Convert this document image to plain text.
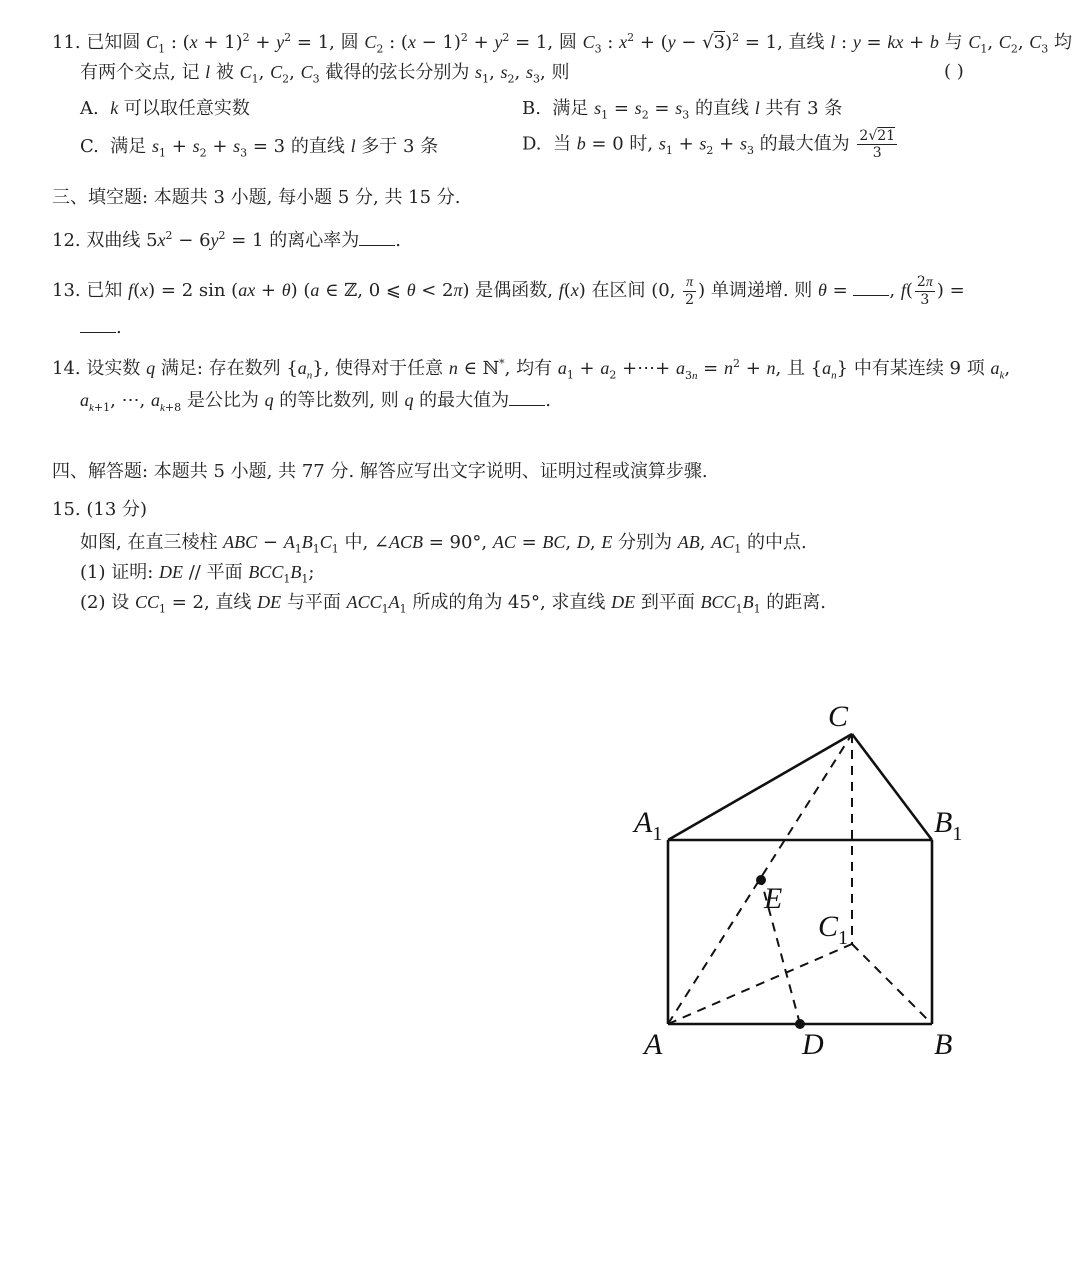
11. 已知圆 $C_1$ : $(x + 1)^2 + y^2 = 1$, 圆 $C_2$ : $(x - 1)^2 + y^2 = 1$, 圆 $C_3$ : $x^2 + (y - √3)^2 = 1$, 直线 l : y = kx + b 与 $C_1$, $C_2$, $C_3$ 均
有两个交点, 记 l 被 $C_1$, $C_2$, $C_3$ 截得的弦长分别为 $s_1$, $s_2$, $s_3$, 则	( )
A. k 可以取任意实数	B.  满足 $s_1 = s_2 = s_3$ 的直线 l 共有 3 条
C.  满足 $s_1 + s_2 + s_3 = 3$ 的直线 l 多于 3 条	D.  当 b = 0 时, $s_1 + s_2 + s_3$ 的最大值为 $\frac{2√21}{3}$
三、填空题: 本题共 3 小题, 每小题 5 分, 共 15 分.
12. 双曲线 $5x^2 - 6y^2 = 1$ 的离心率为 .
13. 已知 f(x) = 2 sin (ax + θ) (a ∈ ℤ, 0 ⩽ θ < 2π) 是偶函数, f(x) 在区间 (0, $\frac{\pi}{2}$ ) 单调递增. 则 θ = , $f( \frac{2\pi}{3}$ ) =
.
14. 设实数 q 满足: 存在数列 $\{a_n\}$, 使得对于任意 n ∈ ℕ*, 均有 $a_1 + a_2$ +⋯+ $a_{3n} = n^2 + n$, 且 $\{a_n\}$ 中有某连续 9 项 $a_k$,
$a_{k+1}$, ⋯, $a_{k+8}$ 是公比为 q 的等比数列, 则 q 的最大值为 .
四、解答题: 本题共 5 小题, 共 77 分. 解答应写出文字说明、证明过程或演算步骤.
15. (13 分)
如图, 在直三棱柱 ABC − $A_1B_1C_1$ 中, ∠ACB = 90°, AC = BC, D, E 分别为 AB, $AC_1$ 的中点.
(1) 证明: DE // 平面 $BCC_1B_1$;
(2) 设 $CC_1 = 2$, 直线 DE 与平面 $ACC_1A_1$ 所成的角为 45°, 求直线 DE 到平面 $BCC_1B_1$ 的距离.
C
$A_1$	$B_1$
E
$C_1$
A	D	B
